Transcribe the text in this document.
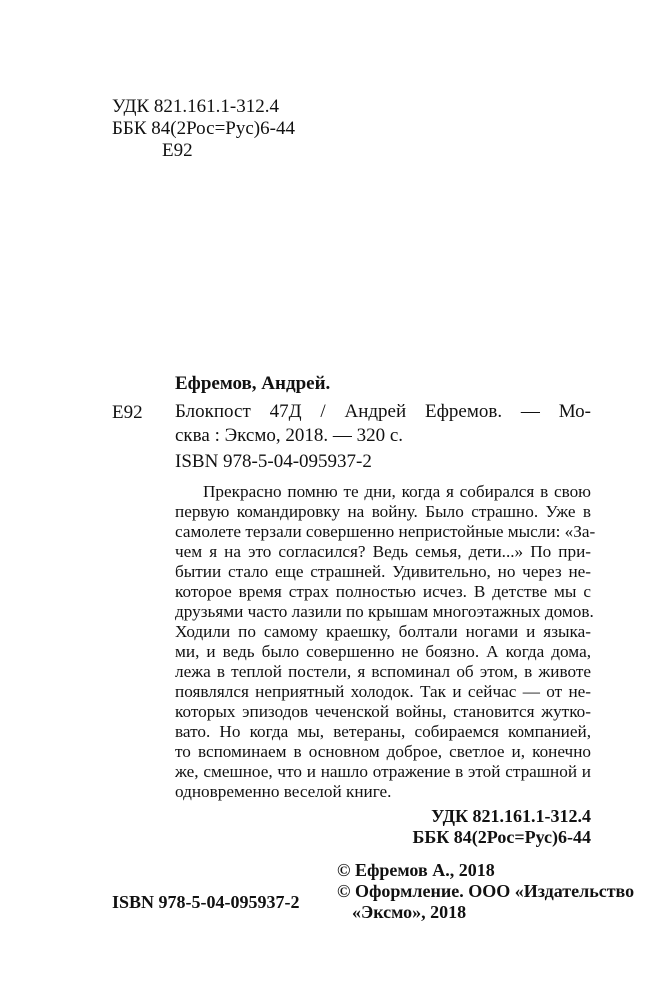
УДК 821.161.1-312.4
ББК 84(2Рос=Рус)6-44
Е92
Ефремов, Андрей.
Е92 Блокпост 47Д / Андрей Ефремов. — Мо-
сква : Эксмо, 2018. — 320 с.
ISBN 978-5-04-095937-2
Прекрасно помню те дни, когда я собирался в свою
первую командировку на войну. Было страшно. Уже в
самолете терзали совершенно непристойные мысли: «За-
чем я на это согласился? Ведь семья, дети...» По при-
бытии стало еще страшней. Удивительно, но через не-
которое время страх полностью исчез. В детстве мы с
друзьями часто лазили по крышам многоэтажных домов.
Ходили по самому краешку, болтали ногами и языка-
ми, и ведь было совершенно не боязно. А когда дома,
лежа в теплой постели, я вспоминал об этом, в животе
появлялся неприятный холодок. Так и сейчас — от не-
которых эпизодов чеченской войны, становится жутко-
вато. Но когда мы, ветераны, собираемся компанией,
то вспоминаем в основном доброе, светлое и, конечно
же, смешное, что и нашло отражение в этой страшной и
одновременно веселой книге.
УДК 821.161.1-312.4
ББК 84(2Рос=Рус)6-44
© Ефремов А., 2018
© Оформление. ООО «Издательство
«Эксмо», 2018
ISBN 978-5-04-095937-2
